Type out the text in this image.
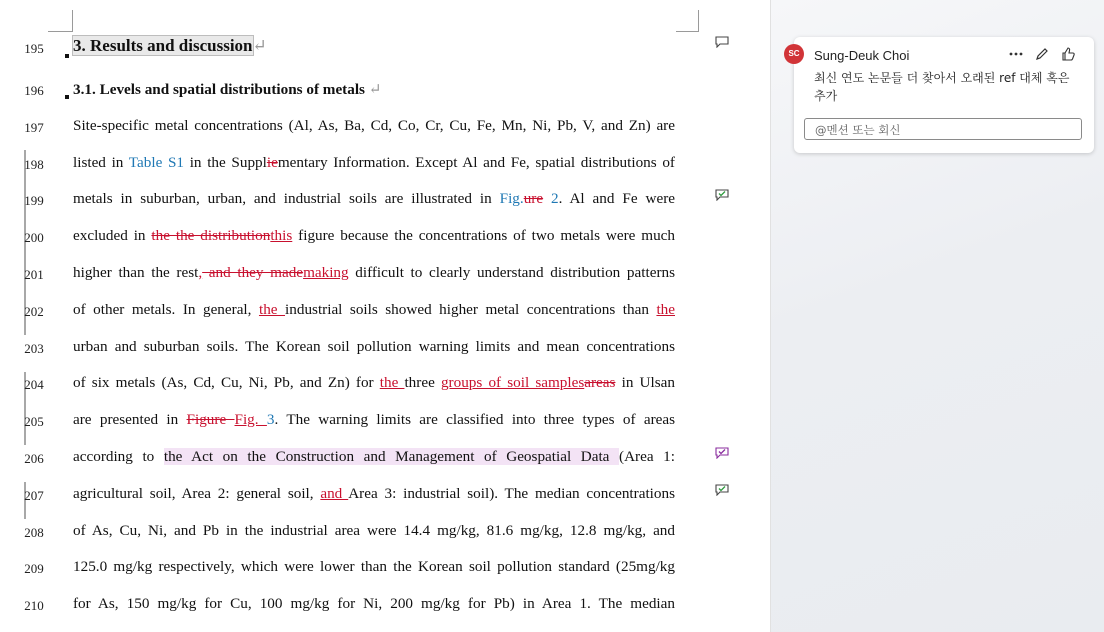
195	3. Results and discussion↵
196	3.1. Levels and spatial distributions of metals ↵
197	Site-specific metal concentrations (Al, As, Ba, Cd, Co, Cr, Cu, Fe, Mn, Ni, Pb, V, and Zn) are
198	listed in Table S1 in the Suppliementary Information. Except Al and Fe, spatial distributions of
199	metals in suburban, urban, and industrial soils are illustrated in Fig.ure 2. Al and Fe were
200	excluded in the the distributionthis figure because the concentrations of two metals were much
201	higher than the rest, and they mademaking difficult to clearly understand distribution patterns
202	of other metals. In general, the industrial soils showed higher metal concentrations than the
203	urban and suburban soils. The Korean soil pollution warning limits and mean concentrations
204	of six metals (As, Cd, Cu, Ni, Pb, and Zn) for the three groups of soil samplesareas in Ulsan
205	are presented in Figure Fig. 3. The warning limits are classified into three types of areas
206	according to the Act on the Construction and Management of Geospatial Data (Area 1:
207	agricultural soil, Area 2: general soil, and Area 3: industrial soil). The median concentrations
208	of As, Cu, Ni, and Pb in the industrial area were 14.4 mg/kg, 81.6 mg/kg, 12.8 mg/kg, and
209	125.0 mg/kg respectively, which were lower than the Korean soil pollution standard (25mg/kg
210	for As, 150 mg/kg for Cu, 100 mg/kg for Ni, 200 mg/kg for Pb) in Area 1. The median
SC	Sung-Deuk Choi
최신 연도 논문들 더 찾아서 오래된 ref 대체 혹은 추가
@멘션 또는 회신
